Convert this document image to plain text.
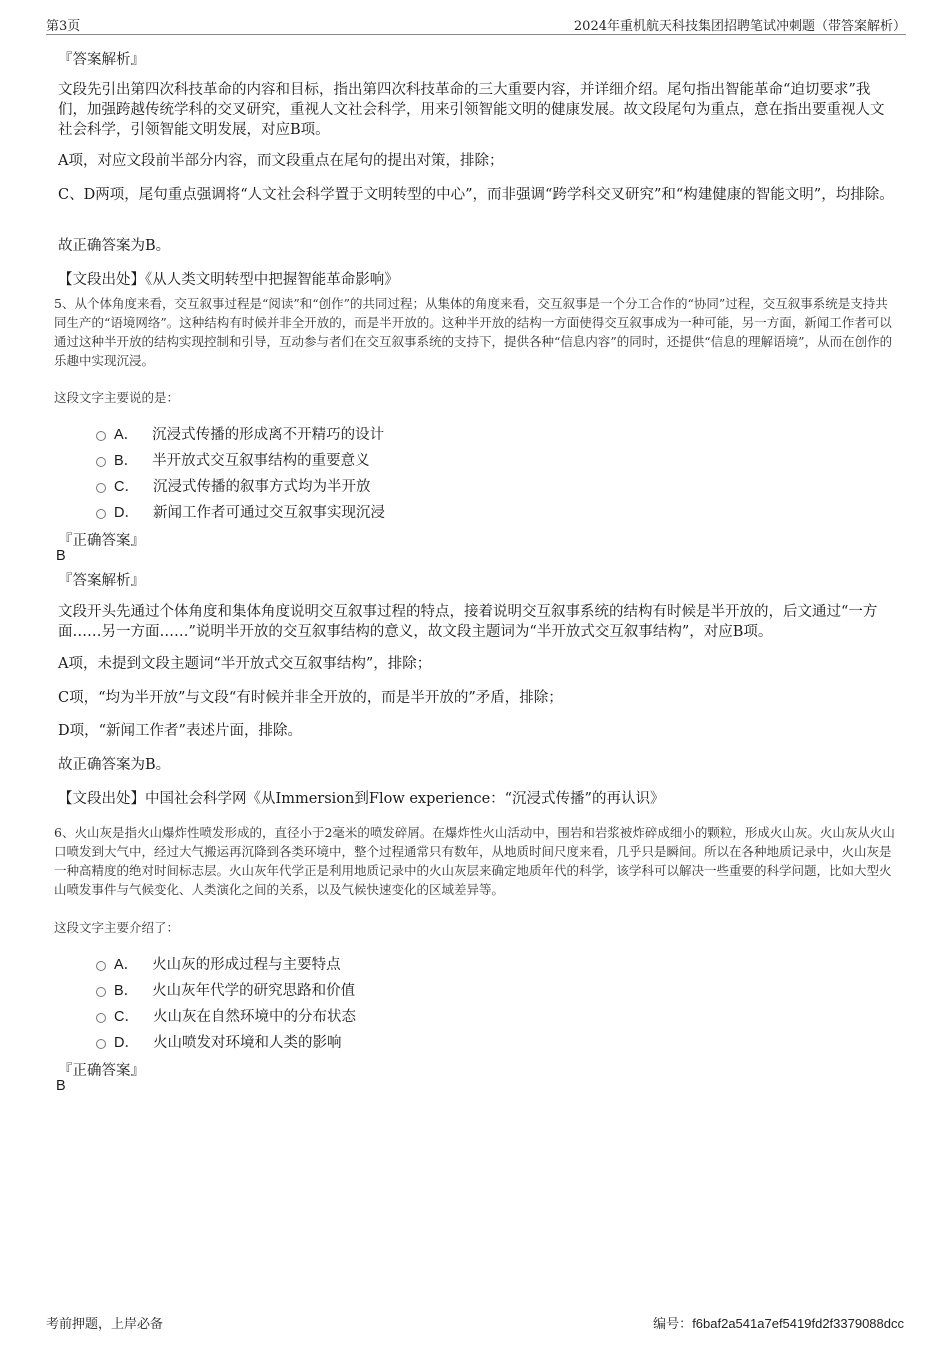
第3页	2024年重机航天科技集团招聘笔试冲刺题（带答案解析）
『答案解析』
文段先引出第四次科技革命的内容和目标，指出第四次科技革命的三大重要内容，并详细介绍。尾句指出智能革命“迫切要求”我们，加强跨越传统学科的交叉研究，重视人文社会科学，用来引领智能文明的健康发展。故文段尾句为重点，意在指出要重视人文社会科学，引领智能文明发展，对应B项。
A项，对应文段前半部分内容，而文段重点在尾句的提出对策，排除；
C、D两项，尾句重点强调将“人文社会科学置于文明转型的中心”，而非强调“跨学科交叉研究”和“构建健康的智能文明”，均排除。
故正确答案为B。
【文段出处】《从人类文明转型中把握智能革命影响》
5、从个体角度来看，交互叙事过程是“阅读”和“创作”的共同过程；从集体的角度来看，交互叙事是一个分工合作的“协同”过程，交互叙事系统是支持共同生产的“语境网络”。这种结构有时候并非全开放的，而是半开放的。这种半开放的结构一方面使得交互叙事成为一种可能，另一方面，新闻工作者可以通过这种半开放的结构实现控制和引导，互动参与者们在交互叙事系统的支持下，提供各种“信息内容”的同时，还提供“信息的理解语境”，从而在创作的乐趣中实现沉浸。
这段文字主要说的是：
A． 沉浸式传播的形成离不开精巧的设计
B． 半开放式交互叙事结构的重要意义
C． 沉浸式传播的叙事方式均为半开放
D． 新闻工作者可通过交互叙事实现沉浸
『正确答案』
B
『答案解析』
文段开头先通过个体角度和集体角度说明交互叙事过程的特点，接着说明交互叙事系统的结构有时候是半开放的，后文通过“一方面……另一方面……”说明半开放的交互叙事结构的意义，故文段主题词为“半开放式交互叙事结构”，对应B项。
A项，未提到文段主题词“半开放式交互叙事结构”，排除；
C项，“均为半开放”与文段“有时候并非全开放的，而是半开放的”矛盾，排除；
D项，“新闻工作者”表述片面，排除。
故正确答案为B。
【文段出处】中国社会科学网《从Immersion到Flow experience：“沉浸式传播”的再认识》
6、火山灰是指火山爆炸性喷发形成的，直径小于2毫米的喷发碎屑。在爆炸性火山活动中，围岩和岩浆被炸碎成细小的颗粒，形成火山灰。火山灰从火山口喷发到大气中，经过大气搬运再沉降到各类环境中，整个过程通常只有数年，从地质时间尺度来看，几乎只是瞬间。所以在各种地质记录中，火山灰是一种高精度的绝对时间标志层。火山灰年代学正是利用地质记录中的火山灰层来确定地质年代的科学，该学科可以解决一些重要的科学问题，比如大型火山喷发事件与气候变化、人类演化之间的关系，以及气候快速变化的区域差异等。
这段文字主要介绍了：
A． 火山灰的形成过程与主要特点
B． 火山灰年代学的研究思路和价值
C． 火山灰在自然环境中的分布状态
D． 火山喷发对环境和人类的影响
『正确答案』
B
考前押题，上岸必备	编号：f6baf2a541a7ef5419fd2f3379088dcc
